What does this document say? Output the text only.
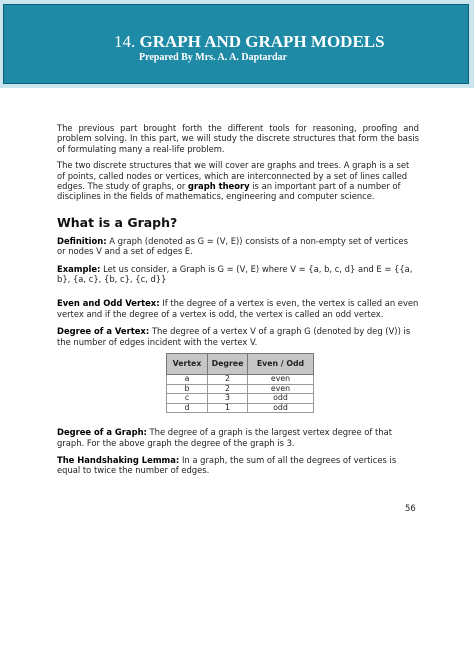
14. GRAPH AND GRAPH MODELS
Prepared By Mrs. A. A. Daptardar

The previous part brought forth the different tools for reasoning, proofing and problem solving. In this part, we will study the discrete structures that form the basis of formulating many a real-life problem.

The two discrete structures that we will cover are graphs and trees. A graph is a set of points, called nodes or vertices, which are interconnected by a set of lines called edges. The study of graphs, or graph theory is an important part of a number of disciplines in the fields of mathematics, engineering and computer science.

What is a Graph?

Definition: A graph (denoted as G = (V, E)) consists of a non-empty set of vertices or nodes V and a set of edges E.

Example: Let us consider, a Graph is G = (V, E) where V = {a, b, c, d} and E = {{a, b}, {a, c}, {b, c}, {c, d}}

Even and Odd Vertex: If the degree of a vertex is even, the vertex is called an even vertex and if the degree of a vertex is odd, the vertex is called an odd vertex.

Degree of a Vertex: The degree of a vertex V of a graph G (denoted by deg (V)) is the number of edges incident with the vertex V.

Vertex	Degree	Even / Odd
a	2	even
b	2	even
c	3	odd
d	1	odd

Degree of a Graph: The degree of a graph is the largest vertex degree of that graph. For the above graph the degree of the graph is 3.

The Handshaking Lemma: In a graph, the sum of all the degrees of vertices is equal to twice the number of edges.

56
